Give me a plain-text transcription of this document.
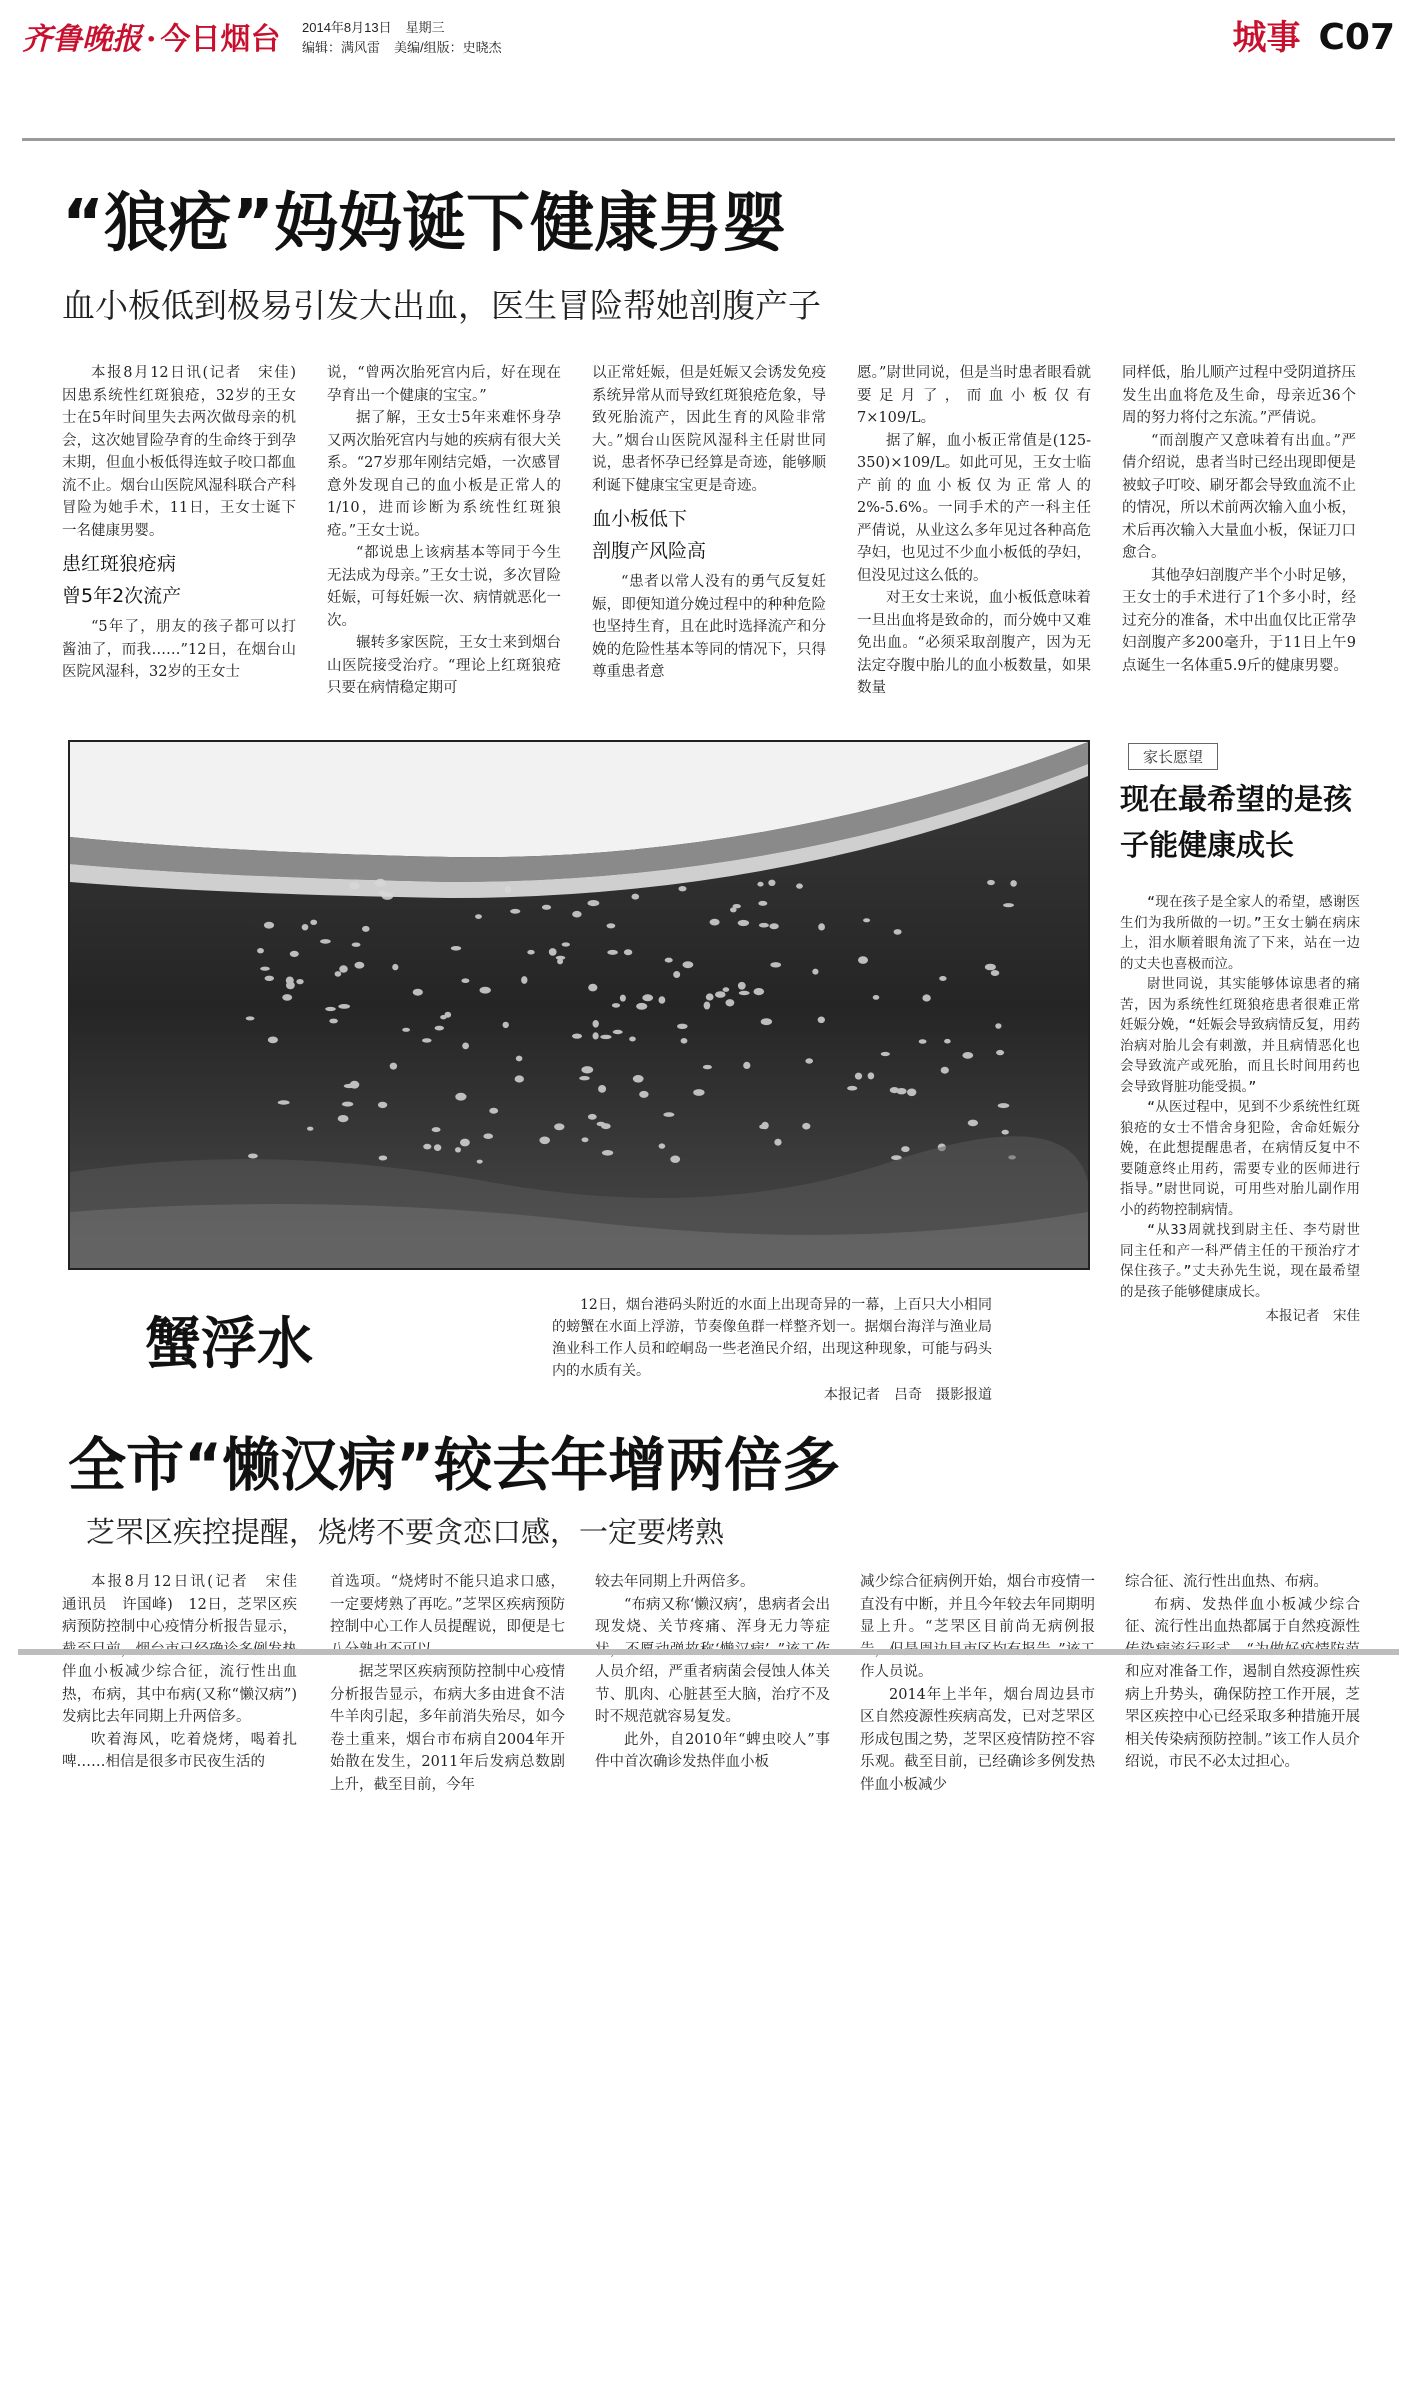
齐鲁晚报 · 今日烟台 2014年8月13日 星期三
编辑：满风雷 美编/组版：史晓杰	城事 C07
“狼疮”妈妈诞下健康男婴
血小板低到极易引发大出血，医生冒险帮她剖腹产子

本报8月12日讯(记者　宋佳)　因患系统性红斑狼疮，32岁的王女士在5年时间里失去两次做母亲的机会，这次她冒险孕育的生命终于到孕末期，但血小板低得连蚊子咬口都血流不止。烟台山医院风湿科联合产科冒险为她手术，11日，王女士诞下一名健康男婴。

患红斑狼疮病
曾5年2次流产

“5年了，朋友的孩子都可以打酱油了，而我……”12日，在烟台山医院风湿科，32岁的王女士

说，“曾两次胎死宫内后，好在现在孕育出一个健康的宝宝。”

据了解，王女士5年来难怀身孕又两次胎死宫内与她的疾病有很大关系。“27岁那年刚结完婚，一次感冒意外发现自己的血小板是正常人的1/10，进而诊断为系统性红斑狼疮。”王女士说。

“都说患上该病基本等同于今生无法成为母亲。”王女士说，多次冒险妊娠，可每妊娠一次、病情就恶化一次。

辗转多家医院，王女士来到烟台山医院接受治疗。“理论上红斑狼疮只要在病情稳定期可

以正常妊娠，但是妊娠又会诱发免疫系统异常从而导致红斑狼疮危象，导致死胎流产，因此生育的风险非常大。”烟台山医院风湿科主任尉世同说，患者怀孕已经算是奇迹，能够顺利诞下健康宝宝更是奇迹。

血小板低下
剖腹产风险高

“患者以常人没有的勇气反复妊娠，即便知道分娩过程中的种种危险也坚持生育，且在此时选择流产和分娩的危险性基本等同的情况下，只得尊重患者意

愿。”尉世同说，但是当时患者眼看就要足月了，而血小板仅有7×109/L。

据了解，血小板正常值是(125-350)×109/L。如此可见，王女士临产前的血小板仅为正常人的2%-5.6%。一同手术的产一科主任严倩说，从业这么多年见过各种高危孕妇，也见过不少血小板低的孕妇，但没见过这么低的。

对王女士来说，血小板低意味着一旦出血将是致命的，而分娩中又难免出血。“必须采取剖腹产，因为无法定夺腹中胎儿的血小板数量，如果数量

同样低，胎儿顺产过程中受阴道挤压发生出血将危及生命，母亲近36个周的努力将付之东流。”严倩说。

“而剖腹产又意味着有出血。”严倩介绍说，患者当时已经出现即便是被蚊子叮咬、刷牙都会导致血流不止的情况，所以术前两次输入血小板，术后再次输入大量血小板，保证刀口愈合。

其他孕妇剖腹产半个小时足够，王女士的手术进行了1个多小时，经过充分的准备，术中出血仅比正常孕妇剖腹产多200毫升，于11日上午9点诞生一名体重5.9斤的健康男婴。

蟹浮水

12日，烟台港码头附近的水面上出现奇异的一幕，上百只大小相同的螃蟹在水面上浮游，节奏像鱼群一样整齐划一。据烟台海洋与渔业局渔业科工作人员和崆峒岛一些老渔民介绍，出现这种现象，可能与码头内的水质有关。

本报记者　吕奇　摄影报道

家长愿望
现在最希望的是孩子能健康成长

“现在孩子是全家人的希望，感谢医生们为我所做的一切。”王女士躺在病床上，泪水顺着眼角流了下来，站在一边的丈夫也喜极而泣。

尉世同说，其实能够体谅患者的痛苦，因为系统性红斑狼疮患者很难正常妊娠分娩，“妊娠会导致病情反复，用药治病对胎儿会有刺激，并且病情恶化也会导致流产或死胎，而且长时间用药也会导致肾脏功能受损。”

“从医过程中，见到不少系统性红斑狼疮的女士不惜舍身犯险，舍命妊娠分娩，在此想提醒患者，在病情反复中不要随意终止用药，需要专业的医师进行指导。”尉世同说，可用些对胎儿副作用小的药物控制病情。

“从33周就找到尉主任、李芍尉世同主任和产一科严倩主任的干预治疗才保住孩子。”丈夫孙先生说，现在最希望的是孩子能够健康成长。

本报记者　宋佳

全市“懒汉病”较去年增两倍多
芝罘区疾控提醒，烧烤不要贪恋口感，一定要烤熟

本报8月12日讯(记者　宋佳　通讯员　许国峰)　12日，芝罘区疾病预防控制中心疫情分析报告显示， 伴血小板减少综合征，流行性出血热，布病，其中布病(又称“懒汉病”)发病比去年同期上升两倍多。

吹着海风，吃着烧烤，喝着扎啤……相信是很多市民夜生活的

首选项。“烧烤时不能只追求口感，一定要烤熟了再吃。”芝罘区疾病预防控制中心工作人员提醒说，即便是七

据芝罘区疾病预防控制中心疫情分析报告显示，布病大多由进食不洁牛羊肉引起，多年前消失殆尽，如今卷土重来，烟台市布病自2004年开始散在发生，2011年后发病总数剧上升，截至目前，今年

较去年同期上升两倍多。

“布病又称‘懒汉病’，患病者会出现发烧、关节疼痛、浑身无力等症 人员介绍，严重者病菌会侵蚀人体关节、肌肉、心脏甚至大脑，治疗不及时不规范就容易复发。

此外，自2010年“蜱虫咬人”事件中首次确诊发热伴血小板

减少综合征病例开始，烟台市疫情一直没有中断，并且今年较去年同期明显上升。“芝罘区目前尚无病例报 作人员说。

2014年上半年，烟台周边县市区自然疫源性疾病高发，已对芝罘区形成包围之势，芝罘区疫情防控不容乐观。截至目前，已经确诊多例发热伴血小板减少

综合征、流行性出血热、布病。

布病、发热伴血小板减少综合征、流行性出血热都属于自然疫源性 和应对准备工作，遏制自然疫源性疾病上升势头，确保防控工作开展，芝罘区疾控中心已经采取多种措施开展相关传染病预防控制。”该工作人员介绍说，市民不必太过担心。
